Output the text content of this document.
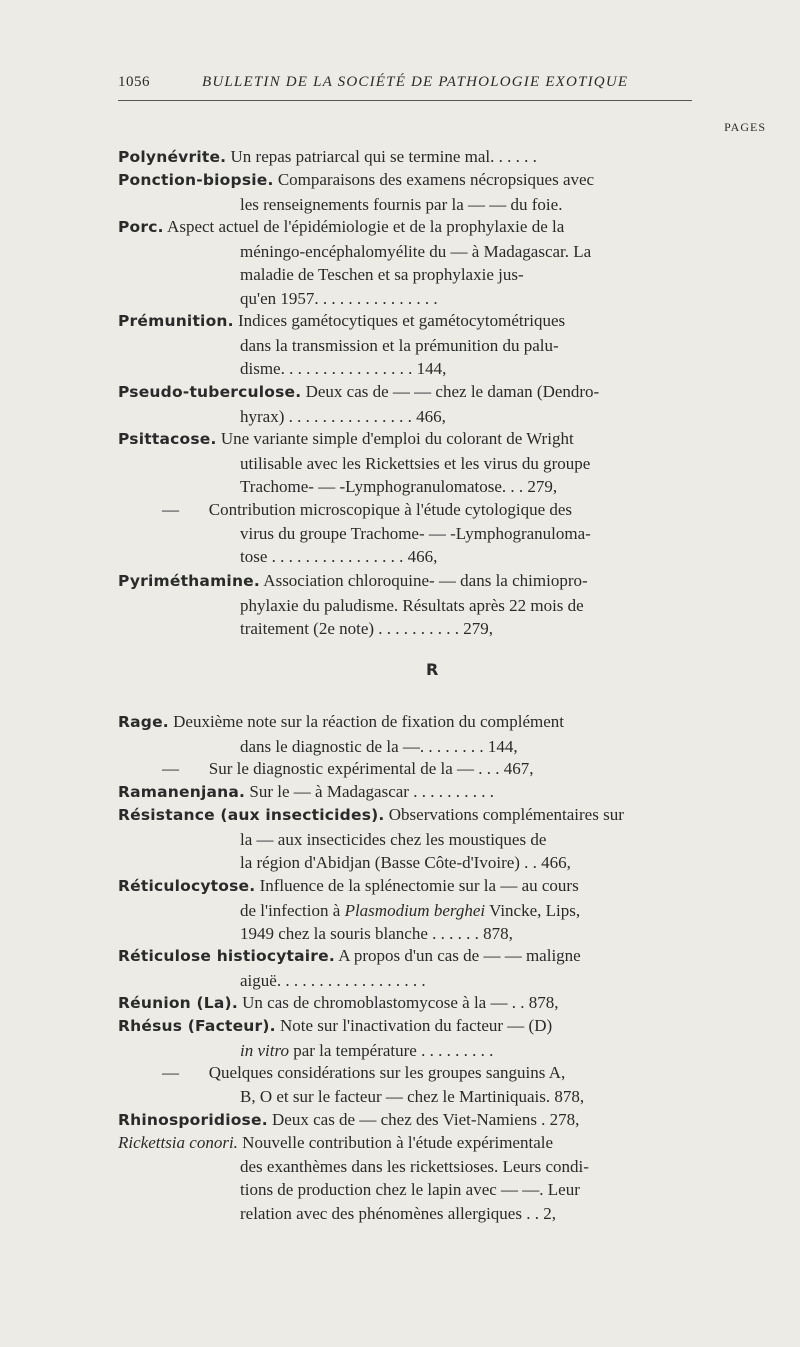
1056	BULLETIN DE LA SOCIÉTÉ DE PATHOLOGIE EXOTIQUE
PAGES
R
Polynévrite. Un repas patriarcal qui se termine mal. . . . . .
Ponction-biopsie. Comparaisons des examens nécropsiques avec
les renseignements fournis par la — — du foie.
Porc. Aspect actuel de l'épidémiologie et de la prophylaxie de la
méningo-encéphalomyélite du — à Madagascar. La
maladie de Teschen et sa prophylaxie jus-
qu'en 1957. . . . . . . . . . . . . . .
Prémunition. Indices gamétocytiques et gamétocytométriques
dans la transmission et la prémunition du palu-
disme. . . . . . . . . . . . . . . . 144,
Pseudo-tuberculose. Deux cas de — — chez le daman (Dendro-
hyrax) . . . . . . . . . . . . . . . 466,
Psittacose. Une variante simple d'emploi du colorant de Wright
utilisable avec les Rickettsies et les virus du groupe
Trachome- — -Lymphogranulomatose. . . 279,
—       Contribution microscopique à l'étude cytologique des
virus du groupe Trachome- — -Lymphogranuloma-
tose . . . . . . . . . . . . . . . . 466,
Pyriméthamine. Association chloroquine- — dans la chimiopro-
phylaxie du paludisme. Résultats après 22 mois de
traitement (2e note) . . . . . . . . . . 279,
Rage. Deuxième note sur la réaction de fixation du complément
dans le diagnostic de la —. . . . . . . . 144,
—       Sur le diagnostic expérimental de la — . . . 467,
Ramanenjana. Sur le — à Madagascar . . . . . . . . . .
Résistance (aux insecticides). Observations complémentaires sur
la — aux insecticides chez les moustiques de
la région d'Abidjan (Basse Côte-d'Ivoire) . . 466,
Réticulocytose. Influence de la splénectomie sur la — au cours
de l'infection à Plasmodium berghei Vincke, Lips,
1949 chez la souris blanche . . . . . . 878,
Réticulose histiocytaire. A propos d'un cas de — — maligne
aiguë. . . . . . . . . . . . . . . . . .
Réunion (La). Un cas de chromoblastomycose à la — . . 878,
Rhésus (Facteur). Note sur l'inactivation du facteur — (D)
in vitro par la température . . . . . . . . .
—       Quelques considérations sur les groupes sanguins A,
B, O et sur le facteur — chez le Martiniquais. 878,
Rhinosporidiose. Deux cas de — chez des Viet-Namiens . 278,
Rickettsia conori. Nouvelle contribution à l'étude expérimentale
des exanthèmes dans les rickettsioses. Leurs condi-
tions de production chez le lapin avec — —. Leur
relation avec des phénomènes allergiques . . 2,
